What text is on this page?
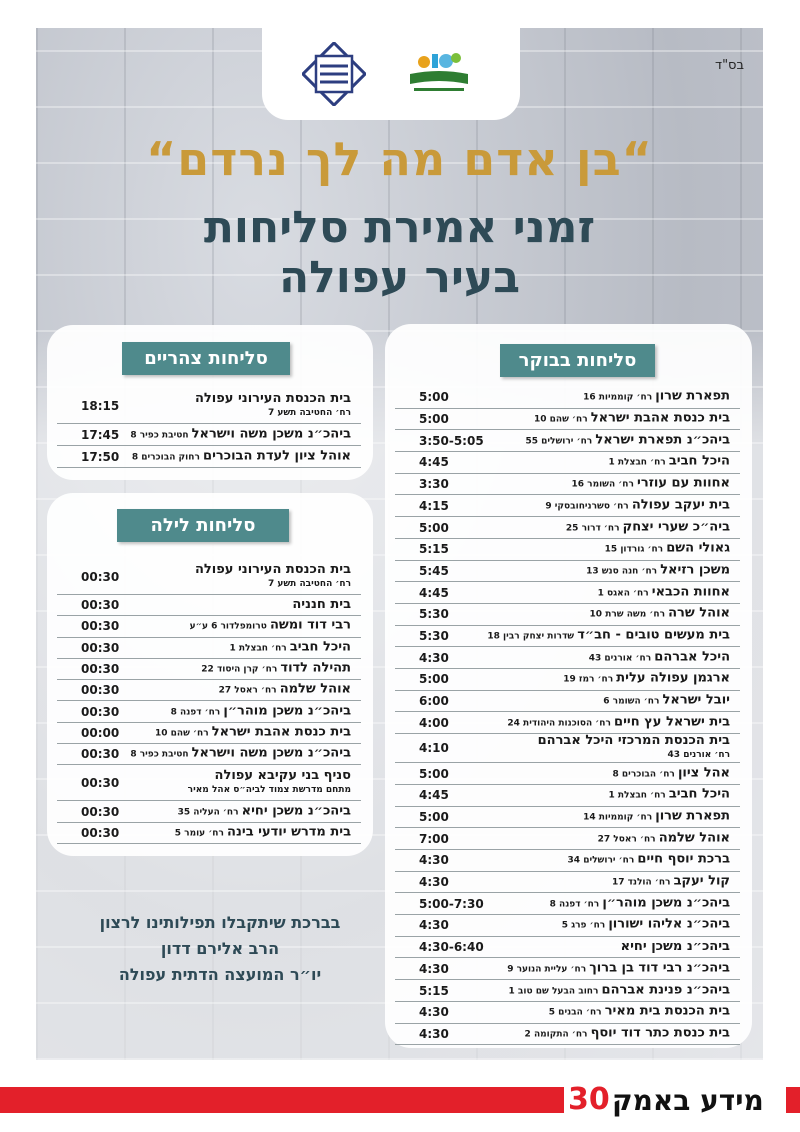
בס"ד
“בן אדם מה לך נרדם“
זמני אמירת סליחות
בעיר עפולה
סליחות בבוקר
תפארת שרון רח׳ קוממיות 16
5:00
בית כנסת אהבת ישראל רח׳ שהם 10
5:00
ביהכ״נ תפארת ישראל רח׳ ירושלים 55
3:50-5:05
היכל חביב רח׳ חבצלת 1
4:45
אחוות עם עוזרי רח׳ השומר 16
3:30
בית יעקב עפולה רח׳ סשרניחובסקי 9
4:15
ביה״כ שערי יצחק רח׳ דרור 25
5:00
גאולי השם רח׳ גורדון 15
5:15
משכן רזיאל רח׳ חנה סנש 13
5:45
אחוות הכבאי רח׳ האגס 1
4:45
אוהל שרה רח׳ משה שרת 10
5:30
בית מעשים טובים - חב״ד שדרות יצחק רבין 18
5:30
היכל אברהם רח׳ אורנים 43
4:30
ארגמן עפולה עלית רח׳ רמז 19
5:00
יובל ישראל רח׳ השומר 6
6:00
בית ישראל עץ חיים רח׳ הסוכנות היהודית 24
4:00
בית הכנסת המרכזי היכל אברהם
רח׳ אורנים 43
4:10
אהל ציון רח׳ הבוכרים 8
5:00
היכל חביב רח׳ חבצלת 1
4:45
תפארת שרון רח׳ קוממיות 14
5:00
אוהל שלמה רח׳ ראסל 27
7:00
ברכת יוסף חיים רח׳ ירושלים 34
4:30
קול יעקב רח׳ הולנד 17
4:30
ביהכ״נ משכן מוהר״ן רח׳ דפנה 8
5:00-7:30
ביהכ״נ אליהו ישורון רח׳ פרג 5
4:30
ביהכ״נ משכן יחיא
4:30-6:40
ביהכ״נ רבי דוד בן ברוך רח׳ עליית הנוער 9
4:30
ביהכ״נ פנינת אברהם רחוב הבעל שם טוב 1
5:15
בית הכנסת בית מאיר רח׳ הבנים 5
4:30
בית כנסת כתר דוד יוסף רח׳ התקומה 2
4:30
סליחות צהריים
בית הכנסת העירוני עפולה
רח׳ החטיבה תשע 7
18:15
ביהכ״נ משכן משה וישראל חטיבת כפיר 8
17:45
אוהל ציון לעדת הבוכרים רחוק הבוכרים 8
17:50
סליחות לילה
בית הכנסת העירוני עפולה
רח׳ החטיבה תשע 7
00:30
בית חנניה
00:30
רבי דוד ומשה טרומפלדור 6 ע״ע
00:30
היכל חביב רח׳ חבצלת 1
00:30
תהילה לדוד רח׳ קרן היסוד 22
00:30
אוהל שלמה רח׳ ראסל 27
00:30
ביהכ״נ משכן מוהר״ן רח׳ דפנה 8
00:30
בית כנסת אהבת ישראל רח׳ שהם 10
00:00
ביהכ״נ משכן משה וישראל חטיבת כפיר 8
00:30
סניף בני עקיבא עפולה
מתחם מדרשת צמוד לביה״ס אהל מאיר
00:30
ביהכ״נ משכן יחיא רח׳ העליה 35
00:30
בית מדרש יודעי בינה רח׳ עומר 5
00:30
בברכת שיתקבלו תפילותינו לרצון
הרב אלירם דדון
יו״ר המועצה הדתית עפולה
30 מידע באמק
